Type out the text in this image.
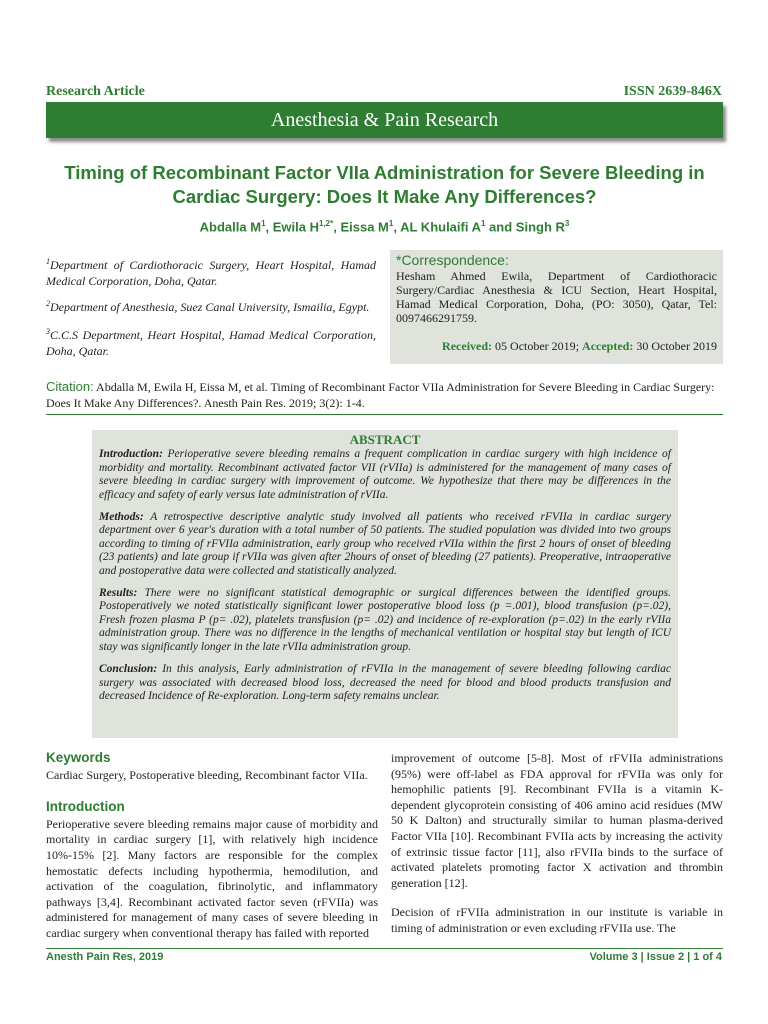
Research Article	ISSN 2639-846X
Anesthesia & Pain Research
Timing of Recombinant Factor VIIa Administration for Severe Bleeding in Cardiac Surgery: Does It Make Any Differences?
Abdalla $M^1$, Ewila $H^{1,2*}$, Eissa $M^1$, AL Khulaifi $A^1$ and Singh $R^3$
$^1$Department of Cardiothoracic Surgery, Heart Hospital, Hamad Medical Corporation, Doha, Qatar.
$^2$Department of Anesthesia, Suez Canal University, Ismailia, Egypt.
$^3$C.C.S Department, Heart Hospital, Hamad Medical Corporation, Doha, Qatar.
*Correspondence:
Hesham Ahmed Ewila, Department of Cardiothoracic Surgery/Cardiac Anesthesia & ICU Section, Heart Hospital, Hamad Medical Corporation, Doha, (PO: 3050), Qatar, Tel: 0097466291759.
Received: 05 October 2019; Accepted: 30 October 2019
Citation: Abdalla M, Ewila H, Eissa M, et al. Timing of Recombinant Factor VIIa Administration for Severe Bleeding in Cardiac Surgery: Does It Make Any Differences?. Anesth Pain Res. 2019; 3(2): 1-4.
ABSTRACT

Introduction: Perioperative severe bleeding remains a frequent complication in cardiac surgery with high incidence of morbidity and mortality. Recombinant activated factor VII (rVIIa) is administered for the management of many cases of severe bleeding in cardiac surgery with improvement of outcome. We hypothesize that there may be differences in the efficacy and safety of early versus late administration of rVIIa.

Methods: A retrospective descriptive analytic study involved all patients who received rFVIIa in cardiac surgery department over 6 year's duration with a total number of 50 patients. The studied population was divided into two groups according to timing of rFVIIa administration, early group who received rVIIa within the first 2 hours of onset of bleeding (23 patients) and late group if rVIIa was given after 2hours of onset of bleeding (27 patients). Preoperative, intraoperative and postoperative data were collected and statistically analyzed.

Results: There were no significant statistical demographic or surgical differences between the identified groups. Postoperatively we noted statistically significant lower postoperative blood loss (p =.001), blood transfusion (p=.02), Fresh frozen plasma P (p= .02), platelets transfusion (p= .02) and incidence of re-exploration (p=.02) in the early rVIIa administration group. There was no difference in the lengths of mechanical ventilation or hospital stay but length of ICU stay was significantly longer in the late rVIIa administration group.

Conclusion: In this analysis, Early administration of rFVIIa in the management of severe bleeding following cardiac surgery was associated with decreased blood loss, decreased the need for blood and blood products transfusion and decreased Incidence of Re-exploration. Long-term safety remains unclear.

Keywords

Cardiac Surgery, Postoperative bleeding, Recombinant factor VIIa.

Introduction

Perioperative severe bleeding remains major cause of morbidity and mortality in cardiac surgery [1], with relatively high incidence 10%-15% [2]. Many factors are responsible for the complex hemostatic defects including hypothermia, hemodilution, and activation of the coagulation, fibrinolytic, and inflammatory pathways [3,4]. Recombinant activated factor seven (rFVIIa) was administered for management of many cases of severe bleeding in cardiac surgery when conventional therapy has failed with reported

improvement of outcome [5-8]. Most of rFVIIa administrations (95%) were off-label as FDA approval for rFVIIa was only for hemophilic patients [9]. Recombinant FVIIa is a vitamin K-dependent glycoprotein consisting of 406 amino acid residues (MW 50 K Dalton) and structurally similar to human plasma-derived Factor VIIa [10]. Recombinant FVIIa acts by increasing the activity of extrinsic tissue factor [11], also rFVIIa binds to the surface of activated platelets promoting factor X activation and thrombin generation [12].

Decision of rFVIIa administration in our institute is variable in timing of administration or even excluding rFVIIa use. The

Anesth Pain Res, 2019	Volume 3 | Issue 2 | 1 of 4
